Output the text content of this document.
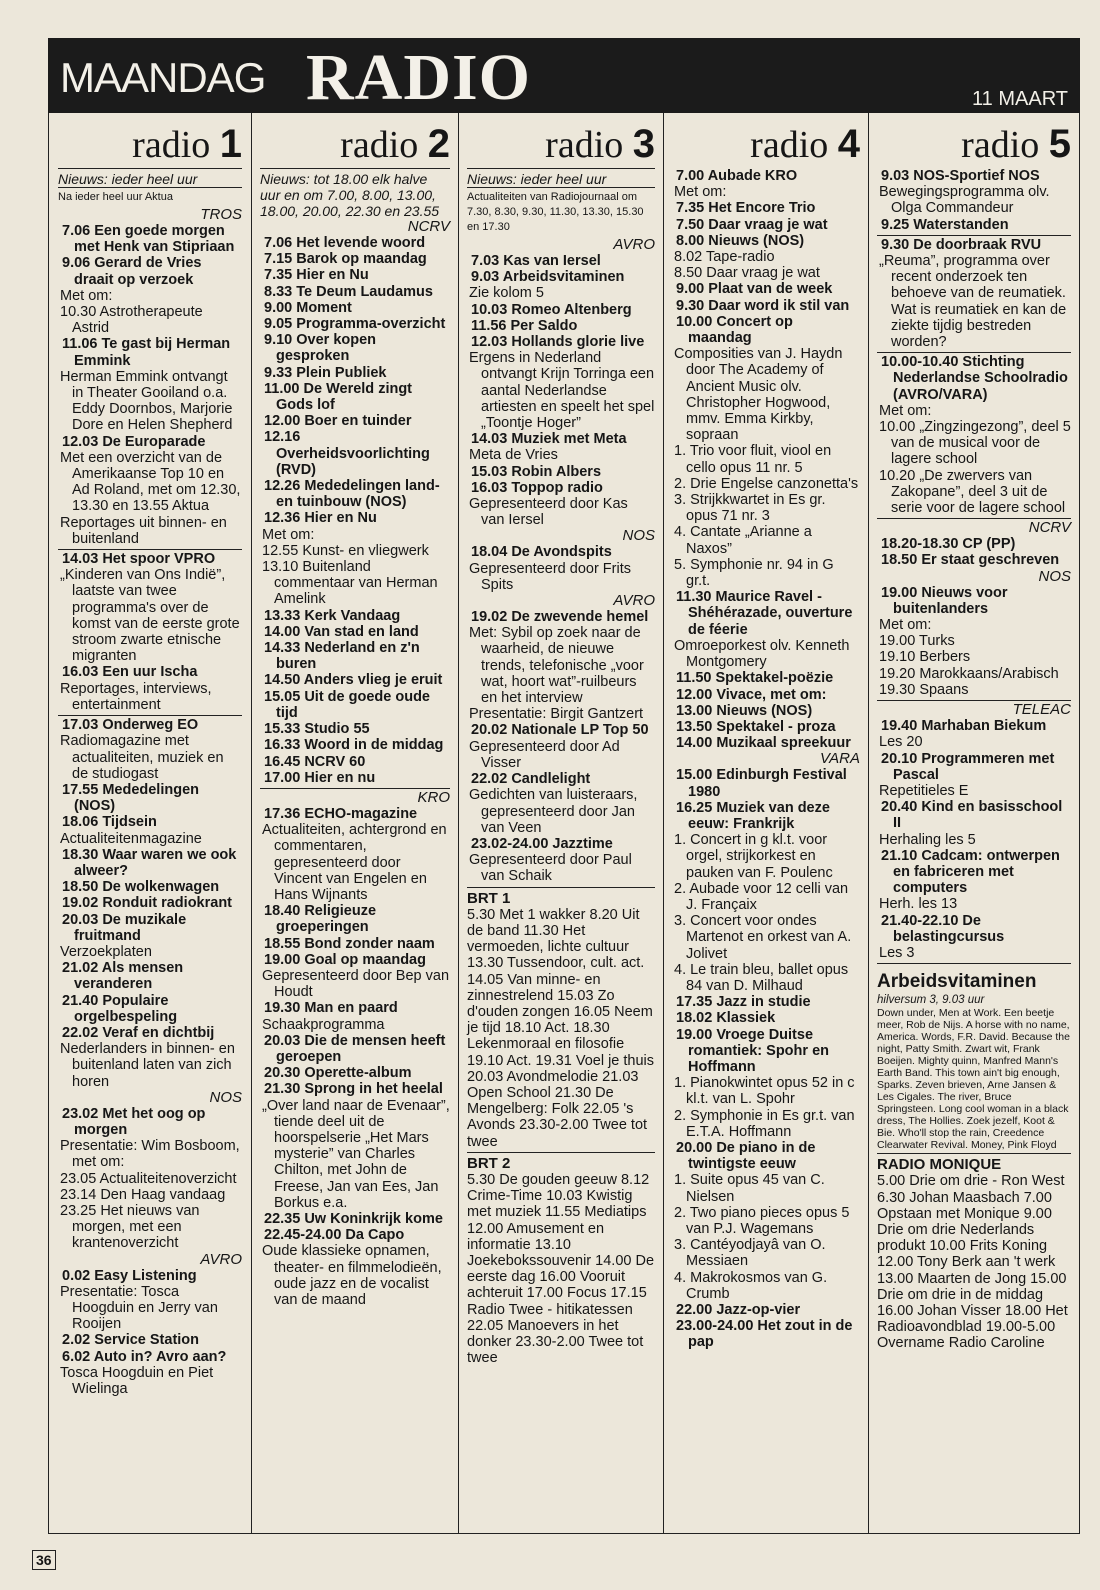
MAANDAG RADIO	11 MAART
radio 1
Nieuws: ieder heel uur
Na ieder heel uur Aktua
TROS
7.06 Een goede morgen met Henk van Stipriaan
9.06 Gerard de Vries draait op verzoek
Met om:
10.30 Astrotherapeute Astrid
11.06 Te gast bij Herman Emmink
Herman Emmink ontvangt in Theater Gooiland o.a. Eddy Doornbos, Marjorie Dore en Helen Shepherd
12.03 De Europarade
Met een overzicht van de Amerikaanse Top 10 en Ad Roland, met om 12.30, 13.30 en 13.55 Aktua
Reportages uit binnen- en buitenland
14.03 Het spoor VPRO
„Kinderen van Ons Indië”, laatste van twee programma's over de komst van de eerste grote stroom zwarte etnische migranten
16.03 Een uur Ischa
Reportages, interviews, entertainment
17.03 Onderweg EO
Radiomagazine met actualiteiten, muziek en de studiogast
17.55 Mededelingen (NOS)
18.06 Tijdsein
Actualiteitenmagazine
18.30 Waar waren we ook alweer?
18.50 De wolkenwagen
19.02 Ronduit radiokrant
20.03 De muzikale fruitmand
Verzoekplaten
21.02 Als mensen veranderen
21.40 Populaire orgelbespeling
22.02 Veraf en dichtbij
Nederlanders in binnen- en buitenland laten van zich horen
NOS
23.02 Met het oog op morgen
Presentatie: Wim Bosboom, met om:
23.05 Actualiteitenoverzicht
23.14 Den Haag vandaag
23.25 Het nieuws van morgen, met een krantenoverzicht
AVRO
0.02 Easy Listening
Presentatie: Tosca Hoogduin en Jerry van Rooijen
2.02 Service Station
6.02 Auto in? Avro aan?
Tosca Hoogduin en Piet Wielinga
radio 2
Nieuws: tot 18.00 elk halve uur en om 7.00, 8.00, 13.00, 18.00, 20.00, 22.30 en 23.55
NCRV
7.06 Het levende woord
7.15 Barok op maandag
7.35 Hier en Nu
8.33 Te Deum Laudamus
9.00 Moment
9.05 Programma-overzicht
9.10 Over kopen gesproken
9.33 Plein Publiek
11.00 De Wereld zingt Gods lof
12.00 Boer en tuinder
12.16 Overheidsvoorlichting (RVD)
12.26 Mededelingen land- en tuinbouw (NOS)
12.36 Hier en Nu
Met om:
12.55 Kunst- en vliegwerk
13.10 Buitenland commentaar van Herman Amelink
13.33 Kerk Vandaag
14.00 Van stad en land
14.33 Nederland en z'n buren
14.50 Anders vlieg je eruit
15.05 Uit de goede oude tijd
15.33 Studio 55
16.33 Woord in de middag
16.45 NCRV 60
17.00 Hier en nu
KRO
17.36 ECHO-magazine
Actualiteiten, achtergrond en commentaren, gepresenteerd door Vincent van Engelen en Hans Wijnants
18.40 Religieuze groeperingen
18.55 Bond zonder naam
19.00 Goal op maandag
Gepresenteerd door Bep van Houdt
19.30 Man en paard
Schaakprogramma
20.03 Die de mensen heeft geroepen
20.30 Operette-album
21.30 Sprong in het heelal
„Over land naar de Evenaar”, tiende deel uit de hoorspelserie „Het Mars mysterie” van Charles Chilton, met John de Freese, Jan van Ees, Jan Borkus e.a.
22.35 Uw Koninkrijk kome
22.45-24.00 Da Capo
Oude klassieke opnamen, theater- en filmmelodieën, oude jazz en de vocalist van de maand
radio 3
Nieuws: ieder heel uur
Actualiteiten van Radiojournaal om 7.30, 8.30, 9.30, 11.30, 13.30, 15.30 en 17.30
AVRO
7.03 Kas van Iersel
9.03 Arbeidsvitaminen
Zie kolom 5
10.03 Romeo Altenberg
11.56 Per Saldo
12.03 Hollands glorie live
Ergens in Nederland ontvangt Krijn Torringa een aantal Nederlandse artiesten en speelt het spel „Toontje Hoger”
14.03 Muziek met Meta
Meta de Vries
15.03 Robin Albers
16.03 Toppop radio
Gepresenteerd door Kas van Iersel
NOS
18.04 De Avondspits
Gepresenteerd door Frits Spits
AVRO
19.02 De zwevende hemel
Met: Sybil op zoek naar de waarheid, de nieuwe trends, telefonische „voor wat, hoort wat”-ruilbeurs en het interview
Presentatie: Birgit Gantzert
20.02 Nationale LP Top 50
Gepresenteerd door Ad Visser
22.02 Candlelight
Gedichten van luisteraars, gepresenteerd door Jan van Veen
23.02-24.00 Jazztime
Gepresenteerd door Paul van Schaik
BRT 1
5.30 Met 1 wakker 8.20 Uit de band 11.30 Het vermoeden, lichte cultuur 13.30 Tussendoor, cult. act. 14.05 Van minne- en zinnestrelend 15.03 Zo d'ouden zongen 16.05 Neem je tijd 18.10 Act. 18.30 Lekenmoraal en filosofie 19.10 Act. 19.31 Voel je thuis 20.03 Avondmelodie 21.03 Open School 21.30 De Mengelberg: Folk 22.05 's Avonds 23.30-2.00 Twee tot twee
BRT 2
5.30 De gouden geeuw 8.12 Crime-Time 10.03 Kwistig met muziek 11.55 Mediatips 12.00 Amusement en informatie 13.10 Joekebokssouvenir 14.00 De eerste dag 16.00 Vooruit achteruit 17.00 Focus 17.15 Radio Twee - hitikatessen 22.05 Manoevers in het donker 23.30-2.00 Twee tot twee
radio 4
7.00 Aubade KRO
Met om:
7.35 Het Encore Trio
7.50 Daar vraag je wat
8.00 Nieuws (NOS)
8.02 Tape-radio
8.50 Daar vraag je wat
9.00 Plaat van de week
9.30 Daar word ik stil van
10.00 Concert op maandag
Composities van J. Haydn door The Academy of Ancient Music olv. Christopher Hogwood, mmv. Emma Kirkby, sopraan
1. Trio voor fluit, viool en cello opus 11 nr. 5
2. Drie Engelse canzonetta's
3. Strijkkwartet in Es gr. opus 71 nr. 3
4. Cantate „Arianne a Naxos”
5. Symphonie nr. 94 in G gr.t.
11.30 Maurice Ravel - Shéhérazade, ouverture de féerie
Omroeporkest olv. Kenneth Montgomery
11.50 Spektakel-poëzie
12.00 Vivace, met om:
13.00 Nieuws (NOS)
13.50 Spektakel - proza
14.00 Muzikaal spreekuur
VARA
15.00 Edinburgh Festival 1980
16.25 Muziek van deze eeuw: Frankrijk
1. Concert in g kl.t. voor orgel, strijkorkest en pauken van F. Poulenc
2. Aubade voor 12 celli van J. Françaix
3. Concert voor ondes Martenot en orkest van A. Jolivet
4. Le train bleu, ballet opus 84 van D. Milhaud
17.35 Jazz in studie
18.02 Klassiek
19.00 Vroege Duitse romantiek: Spohr en Hoffmann
1. Pianokwintet opus 52 in c kl.t. van L. Spohr
2. Symphonie in Es gr.t. van E.T.A. Hoffmann
20.00 De piano in de twintigste eeuw
1. Suite opus 45 van C. Nielsen
2. Two piano pieces opus 5 van P.J. Wagemans
3. Cantéyodjayâ van O. Messiaen
4. Makrokosmos van G. Crumb
22.00 Jazz-op-vier
23.00-24.00 Het zout in de pap
radio 5
9.03 NOS-Sportief NOS
Bewegingsprogramma olv. Olga Commandeur
9.25 Waterstanden
9.30 De doorbraak RVU
„Reuma”, programma over recent onderzoek ten behoeve van de reumatiek. Wat is reumatiek en kan de ziekte tijdig bestreden worden?
10.00-10.40 Stichting Nederlandse Schoolradio (AVRO/VARA)
Met om:
10.00 „Zingzingezong”, deel 5 van de musical voor de lagere school
10.20 „De zwervers van Zakopane”, deel 3 uit de serie voor de lagere school
NCRV
18.20-18.30 CP (PP)
18.50 Er staat geschreven
NOS
19.00 Nieuws voor buitenlanders
Met om:
19.00 Turks
19.10 Berbers
19.20 Marokkaans/Arabisch
19.30 Spaans
TELEAC
19.40 Marhaban Biekum
Les 20
20.10 Programmeren met Pascal
Repetitieles E
20.40 Kind en basisschool II
Herhaling les 5
21.10 Cadcam: ontwerpen en fabriceren met computers
Herh. les 13
21.40-22.10 De belastingcursus
Les 3
Arbeidsvitaminen
hilversum 3, 9.03 uur
Down under, Men at Work. Een beetje meer, Rob de Nijs. A horse with no name, America. Words, F.R. David. Because the night, Patty Smith. Zwart wit, Frank Boeijen. Mighty quinn, Manfred Mann's Earth Band. This town ain't big enough, Sparks. Zeven brieven, Arne Jansen & Les Cigales. The river, Bruce Springsteen. Long cool woman in a black dress, The Hollies. Zoek jezelf, Koot & Bie. Who'll stop the rain, Creedence Clearwater Revival. Money, Pink Floyd
RADIO MONIQUE
5.00 Drie om drie - Ron West 6.30 Johan Maasbach 7.00 Opstaan met Monique 9.00 Drie om drie Nederlands produkt 10.00 Frits Koning 12.00 Tony Berk aan 't werk 13.00 Maarten de Jong 15.00 Drie om drie in de middag 16.00 Johan Visser 18.00 Het Radioavondblad 19.00-5.00 Overname Radio Caroline
36
